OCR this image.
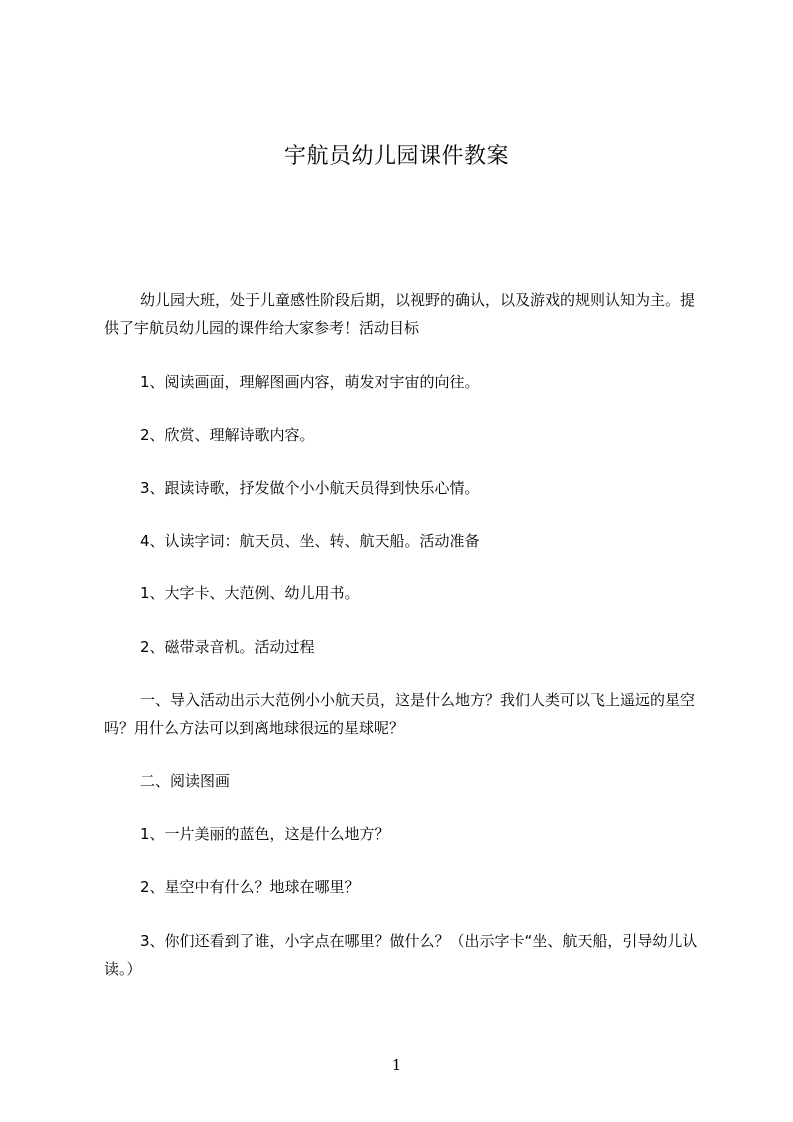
宇航员幼儿园课件教案

幼儿园大班，处于儿童感性阶段后期，以视野的确认，以及游戏的规则认知为主。提供了宇航员幼儿园的课件给大家参考！活动目标

1、阅读画面，理解图画内容，萌发对宇宙的向往。

2、欣赏、理解诗歌内容。

3、跟读诗歌，抒发做个小小航天员得到快乐心情。

4、认读字词：航天员、坐、转、航天船。活动准备

1、大字卡、大范例、幼儿用书。

2、磁带录音机。活动过程

一、导入活动出示大范例小小航天员，这是什么地方？我们人类可以飞上遥远的星空吗？用什么方法可以到离地球很远的星球呢？

二、阅读图画

1、一片美丽的蓝色，这是什么地方？

2、星空中有什么？地球在哪里？

3、你们还看到了谁，小字点在哪里？做什么？（出示字卡“坐、航天船，引导幼儿认读。）

1
